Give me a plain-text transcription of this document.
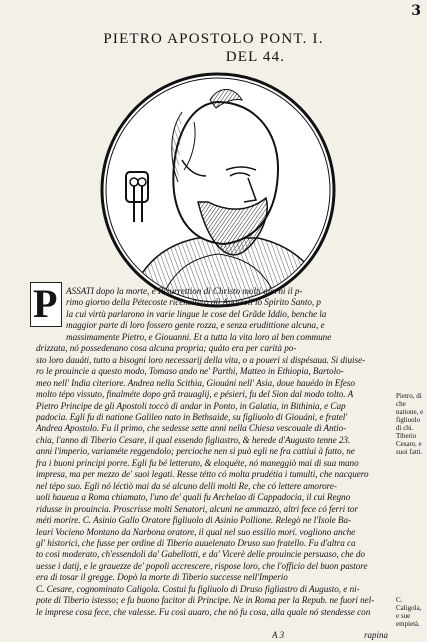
3
PIETRO APOSTOLO PONT. I.
DEL 44.
P ASSATI dopo la morte, e Risurrettion di Christo molti giorni il p-
rimo giorno della Pétecoste ricenettero gli Apostoli lo Spirito Santo, p
la cui virtù parlarono in varie lingue le cose del Grãde Iddio, benche la
maggior parte di loro fossero gente rozza, e senza erudittione alcuna, e
massimamente Pietro, e Giouanni. Et a tutta la vita loro al ben commune
drizzata, nó possedenano cosa alcuna propria; quáto era per carità po-
sto loro dauáti, tutto a bisogni loro necessarij della vita, o a poueri si dispésaua. Si diuise-
ro le prouincie a questo modo, Tomaso ando ne' Parthi, Matteo in Ethiopia, Bartolo-
meo nell' India citeriore. Andrea nella Scithia, Giouáni nell' Asia, doue hauédo in Efeso
molto tépo vissuto, finalméte dopo grã trauaglij, e pésieri, fu del Sion dal modo tolto. A
Pietro Principe de gli Apostoli toccò di andar in Ponto, in Galatia, in Bithinia, e Cap
padocia. Egli fu di natione Galileo nato in Bethsaide, su figliuolo di Giouáni, e fratel'
Andrea Apostolo. Fu il primo, che sedesse sette anni nella Chiesa vescouale di Antio-
chia, l'anno di Tiberio Cesare, il qual essendo figliastro, & herede d'Augusto tenne 23.
anni l'imperio, variaméte reggendolo; percioche nen si può egli ne fra cattiui à fatto, ne
fra i buoni principi porre. Egli fu bé letterato, & eloquéte, nó maneggiò mai di sua mano
impresa, ma per mezzo de' suoi legati. Resse tétto có molta prudétia i tumulti, che nacquero
nel tépo suo. Egli nó léctiò mai da sé alcuno delli molti Re, che có lettere amorore-
uoli haueua a Roma chiamato, l'uno de' quali fu Archelao di Cappadocia, il cui Regno
ridusse in prouincia. Proscrisse molti Senatori, alcuni ne ammazzò, altri fece có ferri tor
méti morire. C. Asinio Gallo Oratore figliuolo di Asinio Pollione. Relegò ne l'Isole Ba-
leari Vocieno Montano da Narbona oratore, il qual nel suo essilio morí. vogliono anche
gl' historici, che fusse per ordine di Tiberio auuelenato Druso suo fratello. Fu d'altra ca
to così moderato, ch'essendoli da' Gabellotti, e da' Vicerè delle prouincie persuaso, che do
uesse i datij, e le grauezze de' popoli accrescere, rispose loro, che l'officio del buon pastore
era di tosar il gregge. Dopò la morte di Tiberio successe nell'Imperio
C. Cesare, cognominato Caligola. Costui fu figliuolo di Druso figliastro di Augusto, e ni-
pote di Tiberio istesso; e fu buono facitor di Principe. Ne in Roma per la Repub. ne fuori nel-
le imprese cosa fece, che valesse. Fu così auaro, che nó fu cosa, alla quale nó stendesse con
Pietro, di che natione, e figliuolo di chi. Tiberio Cesare, e suoi fatti.
C. Caligola, e sue empietà.
A 3	rapina
